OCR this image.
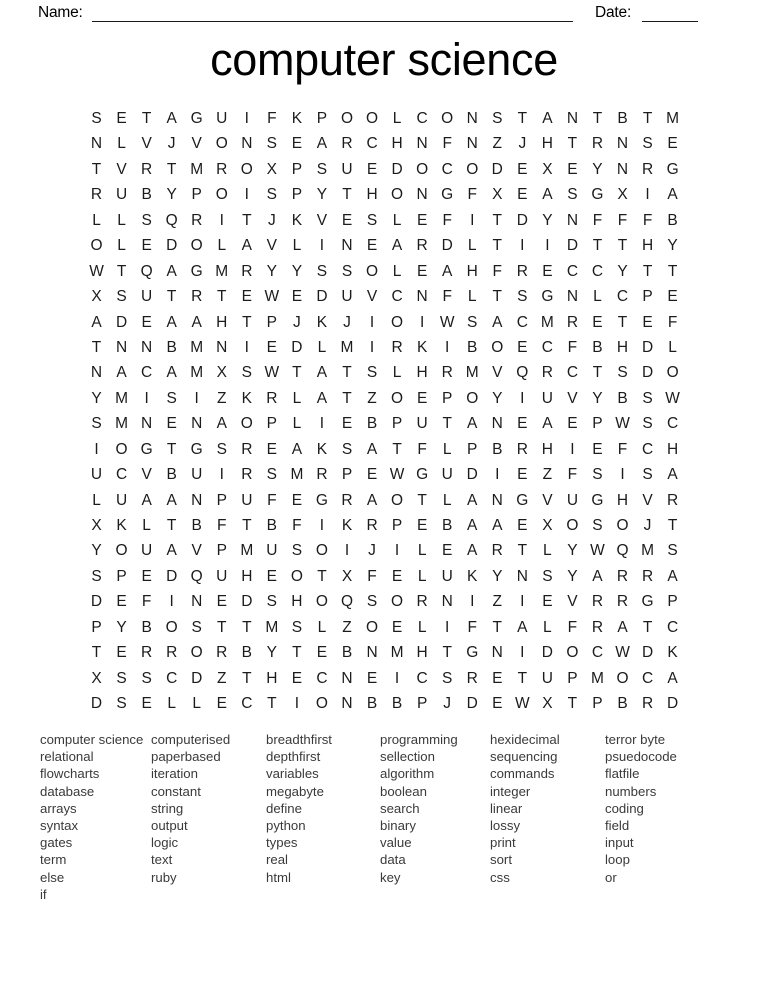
Name:	Date:
computer science
S E T A G U	I	F K P O O L C O N S T A N T B T M
N L	V	J	V O N S E A R C H N F N Z	J	H T R N S E
T V R T M R O X P S U E D O C O D E X E Y N R G
R U B Y P O	I	S P Y T H O N G F X E A S G X	I	A
L	L	S Q R	I	T	J	K V E S	L	E F	I	T D Y N F	F	F B
O L	E D O L	A V	L	I	N E A R D L	T	I	I	D T	T H Y
W T Q A G M R Y Y S S O L	E A H F R E C C Y T	T
X S U T R T E W E D U V C N F	L	T S G N L C P E
A D E A A H T P	J	K	J	I	O	I	W S A C M R E T E F
T N N B M N	I	E D L M	I	R K	I	B O E C F B H D L
N A C A M X S W T A T S	L H R M V Q R C T S D O
Y M	I	S	I	Z K R L	A T	Z O E P O Y	I	U V Y B S W
S M N E N A O P	L	I	E B P U T A N E A E P W S C
I	O G T G S R E A K S A T	F	L	P B R H	I	E F C H
U C V B U	I	R S M R P E W G U D	I	E Z	F S	I	S A
L U A A N P U F E G R A O T	L	A N G V U G H V R
X K	L	T B F	T B F	I	K R P E B A A E X O S O J	T
Y O U A V P M U S O	I	J	I	L	E A R T	L	Y W Q M S
S P E D Q U H E O T X F E	L U K Y N S Y A R R A
D E F	I	N E D S H O Q S O R N	I	Z	I	E V R R G P
P Y B O S T	T M S	L	Z O E	L	I	F	T A	L	F R A T C
T E R R O R B Y T E B N M H T G N	I	D O C W D K
X S S C D Z	T H E C N E	I	C S R E T U P M O C A
D S E	L	L	E C T	I	O N B B P	J	D E W X T P B R D
computer science
relational
flowcharts
database
arrays
syntax
gates
term
else
if
computerised
paperbased
iteration
constant
string
output
logic
text
ruby
breadthfirst
depthfirst
variables
megabyte
define
python
types
real
html
programming
sellection
algorithm
boolean
search
binary
value
data
key
hexidecimal
sequencing
commands
integer
linear
lossy
print
sort
css
terror byte
psuedocode
flatfile
numbers
coding
field
input
loop
or
